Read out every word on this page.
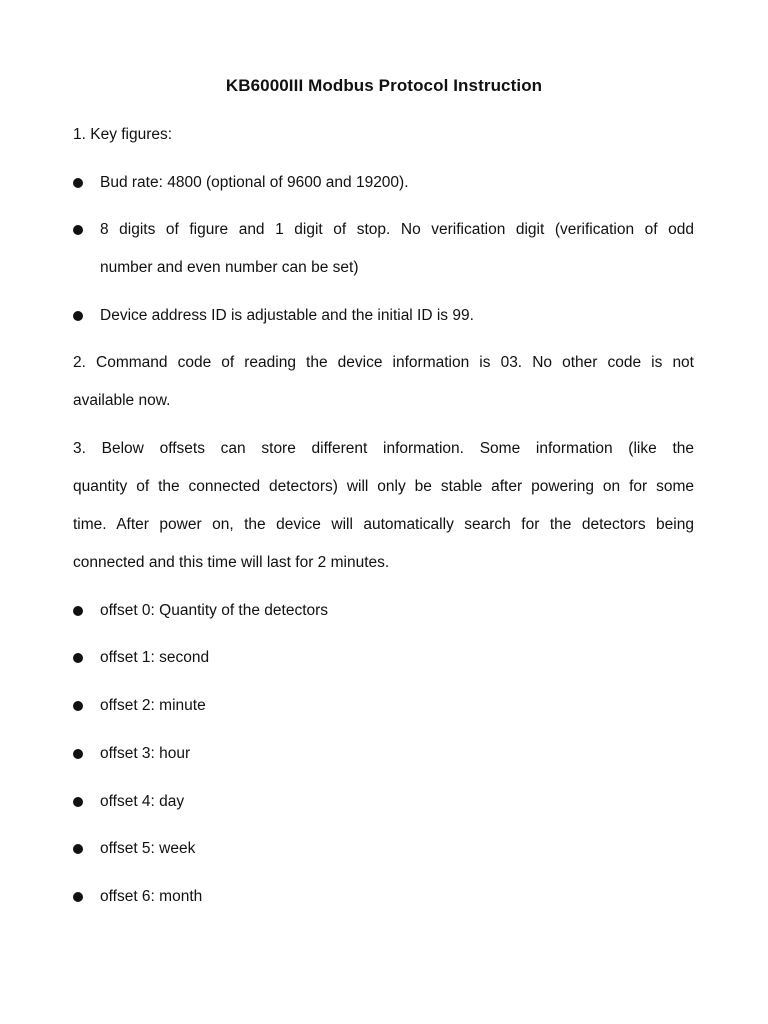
KB6000III Modbus Protocol Instruction
1. Key figures:
Bud rate: 4800 (optional of 9600 and 19200).
8 digits of figure and 1 digit of stop. No verification digit (verification of odd
number and even number can be set)
Device address ID is adjustable and the initial ID is 99.
2. Command code of reading the device information is 03. No other code is not
available now.
3. Below offsets can store different information. Some information (like the
quantity of the connected detectors) will only be stable after powering on for some
time. After power on, the device will automatically search for the detectors being
connected and this time will last for 2 minutes.
offset 0: Quantity of the detectors
offset 1: second
offset 2: minute
offset 3: hour
offset 4: day
offset 5: week
offset 6: month
